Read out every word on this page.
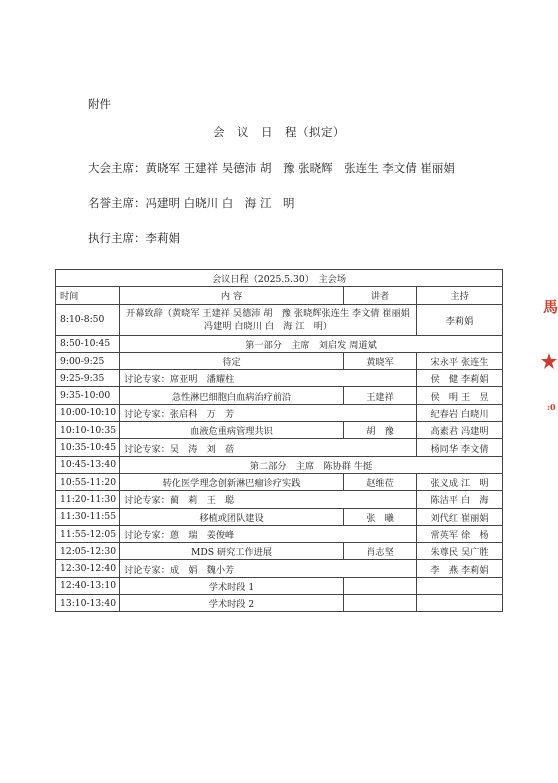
附件
会　议　日　程（拟定）
大会主席：黄晓军 王建祥 吴德沛 胡　豫 张晓辉　张连生 李文倩 崔丽娟
名誉主席：冯建明 白晓川 白　海 江　明
执行主席：李莉娟
会议日程（2025.5.30）　主会场			
时间	内 容	讲者	主持
8:10-8:50	开幕致辞（黄晓军 王建祥 吴德沛 胡　豫 张晓辉张连生 李文倩 崔丽娟 冯建明 白晓川 白　海 江　明）		李莉娟
8:50-10:45	第一部分　主席　刘启发 周道斌		
9:00-9:25	待定	黄晓军	宋永平 张连生
9:25-9:35	讨论专家：席亚明　潘耀柱		侯　健 李莉娟
9:35-10:00	急性淋巴细胞白血病治疗前沿	王建祥	侯　明 王　昱
10:00-10:10	讨论专家：张启科　万　芳		纪春岩 白晓川
10:10-10:35	血液危重病管理共识	胡　豫	高素君 冯建明
10:35-10:45	讨论专家：吴　涛　刘　蓓		杨同华 李文倩
10:45-13:40	第二部分　主席　陈协群 牛挺		
10:55-11:20	转化医学理念创新淋巴瘤诊疗实践	赵维莅	张义成 江　明
11:20-11:30	讨论专家：蔺　莉　王　聪		陈洁平 白　海
11:30-11:55	移植或团队建设	张　曦	刘代红 崔丽娟
11:55-12:05	讨论专家：蒽　瑞　姜俊峰		常英军 徐　杨
12:05-12:30	MDS 研究工作进展	肖志坚	朱尊民 吴广胜
12:30-12:40	讨论专家：成　娟　魏小芳		李　燕 李莉娟
12:40-13:10	学术时段 1		
13:10-13:40	学术时段 2		
馬
:0
